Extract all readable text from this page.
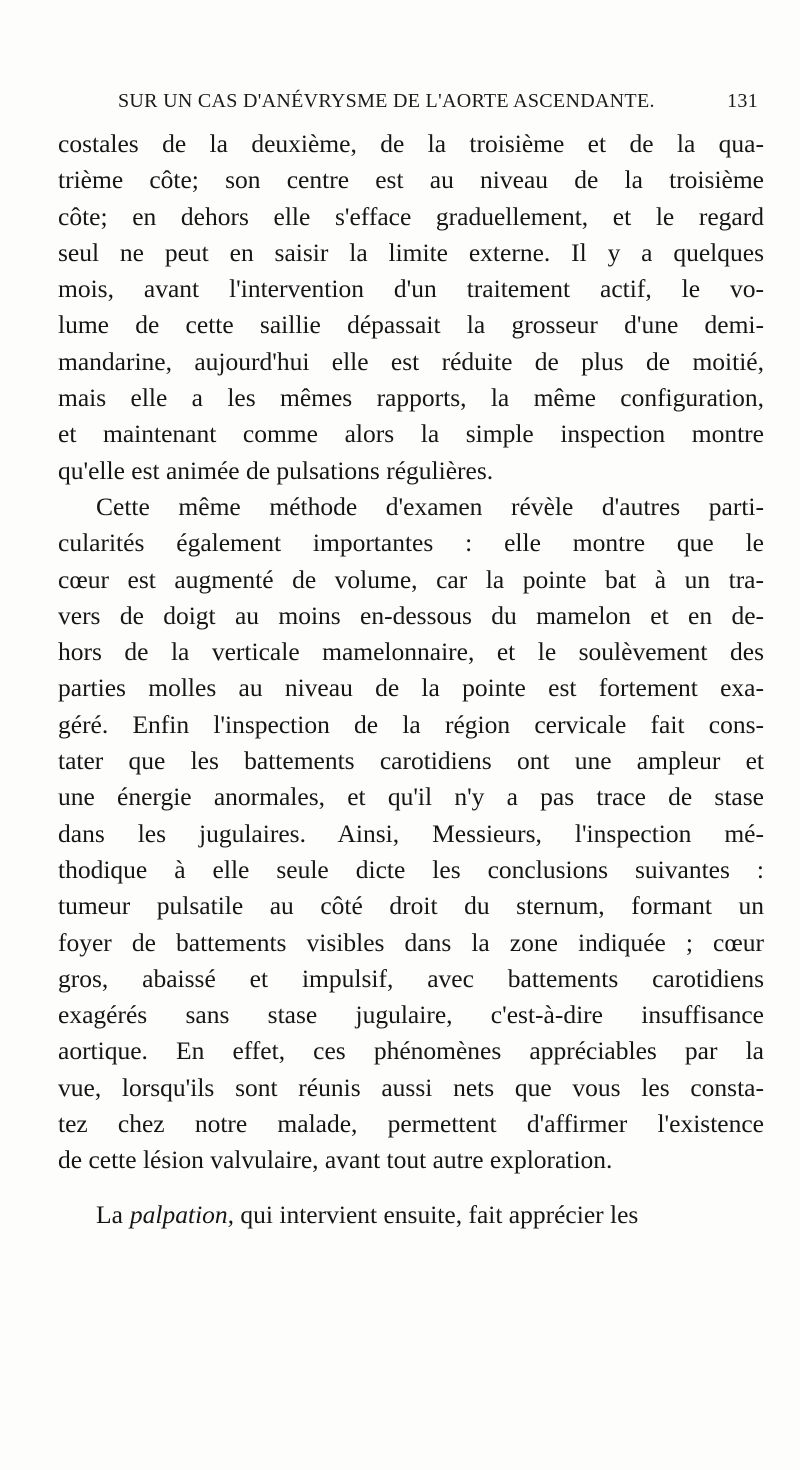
SUR UN CAS D'ANÉVRYSME DE L'AORTE ASCENDANTE.	131
costales de la deuxième, de la troisième et de la qua-
trième côte; son centre est au niveau de la troisième
côte; en dehors elle s'efface graduellement, et le regard
seul ne peut en saisir la limite externe. Il y a quelques
mois, avant l'intervention d'un traitement actif, le vo-
lume de cette saillie dépassait la grosseur d'une demi-
mandarine, aujourd'hui elle est réduite de plus de moitié,
mais elle a les mêmes rapports, la même configuration,
et maintenant comme alors la simple inspection montre
qu'elle est animée de pulsations régulières.
Cette même méthode d'examen révèle d'autres parti-
cularités également importantes : elle montre que le
cœur est augmenté de volume, car la pointe bat à un tra-
vers de doigt au moins en-dessous du mamelon et en de-
hors de la verticale mamelonnaire, et le soulèvement des
parties molles au niveau de la pointe est fortement exa-
géré. Enfin l'inspection de la région cervicale fait cons-
tater que les battements carotidiens ont une ampleur et
une énergie anormales, et qu'il n'y a pas trace de stase
dans les jugulaires. Ainsi, Messieurs, l'inspection mé-
thodique à elle seule dicte les conclusions suivantes :
tumeur pulsatile au côté droit du sternum, formant un
foyer de battements visibles dans la zone indiquée ; cœur
gros, abaissé et impulsif, avec battements carotidiens
exagérés sans stase jugulaire, c'est-à-dire insuffisance
aortique. En effet, ces phénomènes appréciables par la
vue, lorsqu'ils sont réunis aussi nets que vous les consta-
tez chez notre malade, permettent d'affirmer l'existence
de cette lésion valvulaire, avant tout autre exploration.
La palpation, qui intervient ensuite, fait apprécier les
